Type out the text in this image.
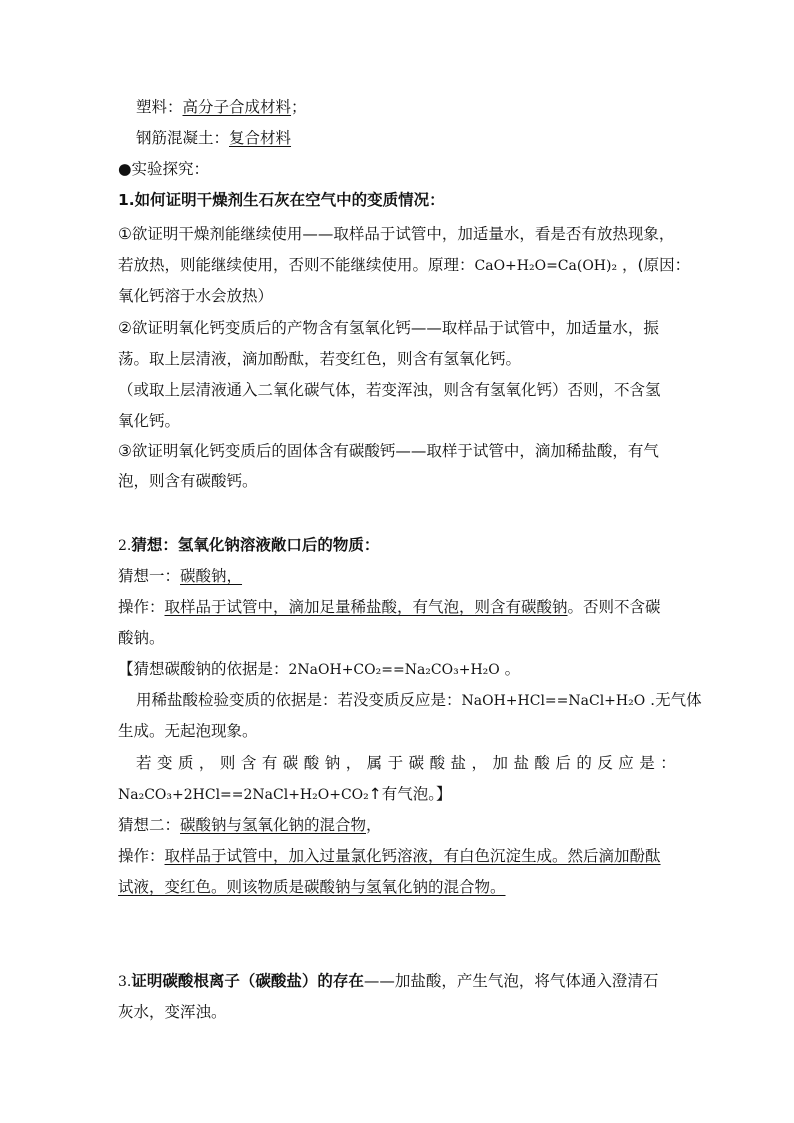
塑料：高分子合成材料；
钢筋混凝土：复合材料
●实验探究：
1.如何证明干燥剂生石灰在空气中的变质情况：
①欲证明干燥剂能继续使用——取样品于试管中，加适量水，看是否有放热现象，
若放热，则能继续使用，否则不能继续使用。原理：CaO+H₂O=Ca(OH)₂ ，(原因：
氧化钙溶于水会放热）
②欲证明氧化钙变质后的产物含有氢氧化钙——取样品于试管中，加适量水，振
荡。取上层清液，滴加酚酞，若变红色，则含有氢氧化钙。
（或取上层清液通入二氧化碳气体，若变浑浊，则含有氢氧化钙）否则，不含氢
氧化钙。
③欲证明氧化钙变质后的固体含有碳酸钙——取样于试管中，滴加稀盐酸，有气
泡，则含有碳酸钙。
2.猜想：氢氧化钠溶液敞口后的物质：
猜想一：碳酸钠，
操作：取样品于试管中，滴加足量稀盐酸，有气泡，则含有碳酸钠。否则不含碳
酸钠。
【猜想碳酸钠的依据是：2NaOH+CO₂==Na₂CO₃+H₂O 。
用稀盐酸检验变质的依据是：若没变质反应是：NaOH+HCl==NaCl+H₂O .无气体
生成。无起泡现象。
若 变 质 ， 则 含 有 碳 酸 钠 ， 属 于 碳 酸 盐 ， 加 盐 酸 后 的 反 应 是 ：
Na₂CO₃+2HCl==2NaCl+H₂O+CO₂↑有气泡。】
猜想二：碳酸钠与氢氧化钠的混合物，
操作：取样品于试管中，加入过量氯化钙溶液，有白色沉淀生成。然后滴加酚酞
试液，变红色。则该物质是碳酸钠与氢氧化钠的混合物。
3.证明碳酸根离子（碳酸盐）的存在——加盐酸，产生气泡，将气体通入澄清石
灰水，变浑浊。
